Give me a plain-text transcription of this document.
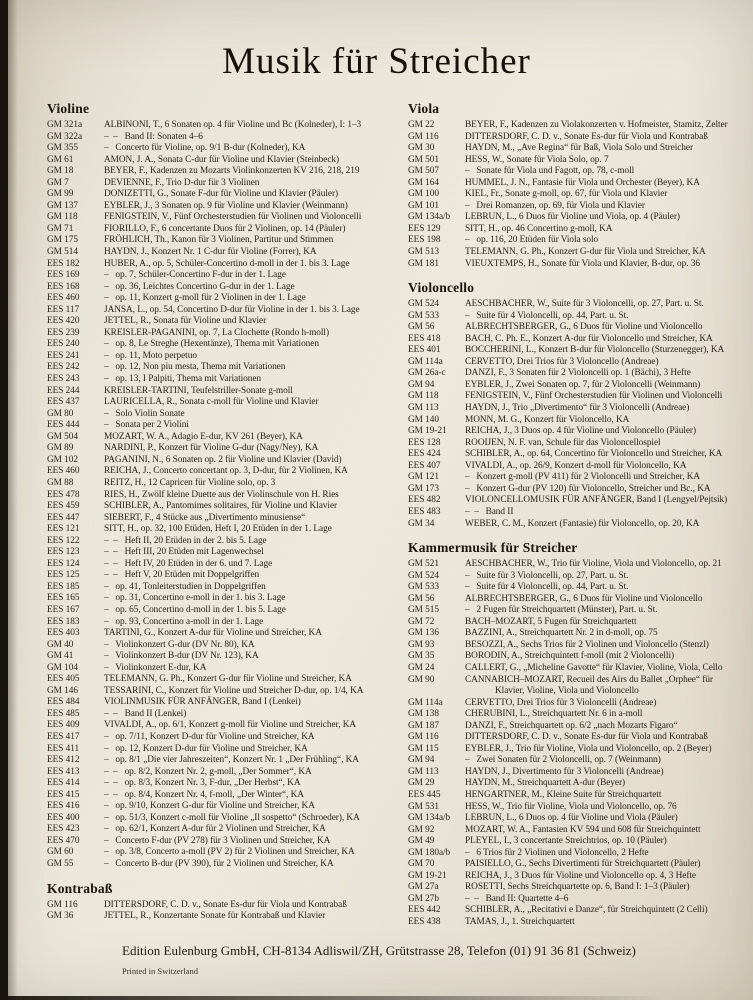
Musik für Streicher
Violine
GM 321a	ALBINONI, T., 6 Sonaten op. 4 für Violine und Bc (Kolneder), I: 1–3
GM 322a	–  –   Band II: Sonaten 4–6
GM 355	–   Concerto für Violine, op. 9/1 B-dur (Kolneder), KA
GM 61	AMON, J. A., Sonata C-dur für Violine und Klavier (Steinbeck)
GM 18	BEYER, F., Kadenzen zu Mozarts Violinkonzerten KV 216, 218, 219
GM 7	DEVIENNE, F., Trio D-dur für 3 Violinen
GM 99	DONIZETTI, G., Sonate F-dur für Violine und Klavier (Päuler)
GM 137	EYBLER, J., 3 Sonaten op. 9 für Violine und Klavier (Weinmann)
GM 118	FENIGSTEIN, V., Fünf Orchesterstudien für Violinen und Violoncelli
GM 71	FIORILLO, F., 6 concertante Duos für 2 Violinen, op. 14 (Päuler)
GM 175	FRÖHLICH, Th., Kanon für 3 Violinen, Partitur und Stimmen
GM 514	HAYDN, J., Konzert Nr. 1 C-dur für Violine (Forrer), KA
EES 182	HUBER, A., op. 5, Schüler-Concertino d-moll in der 1. bis 3. Lage
EES 169	–   op. 7, Schüler-Concertino F-dur in der 1. Lage
EES 168	–   op. 36, Leichtes Concertino G-dur in der 1. Lage
EES 460	–   op. 11, Konzert g-moll für 2 Violinen in der 1. Lage
EES 117	JANSA, L., op. 54, Concertino D-dur für Violine in der 1. bis 3. Lage
EES 420	JETTEL, R., Sonata für Violine und Klavier
EES 239	KREISLER-PAGANINI, op. 7, La Clochette (Rondo h-moll)
EES 240	–   op. 8, Le Streghe (Hexentänze), Thema mit Variationen
EES 241	–   op. 11, Moto perpetuo
EES 242	–   op. 12, Non piu mesta, Thema mit Variationen
EES 243	–   op. 13, I Palpiti, Thema mit Variationen
EES 244	KREISLER-TARTINI, Teufelstriller-Sonate g-moll
EES 437	LAURICELLA, R., Sonata c-moll für Violine und Klavier
GM 80	–   Solo Violin Sonate
EES 444	–   Sonata per 2 Violini
GM 504	MOZART, W. A., Adagio E-dur, KV 261 (Beyer), KA
GM 89	NARDINI, P., Konzert für Violine G-dur (Nagy/Ney), KA
GM 102	PAGANINI, N., 6 Sonaten op. 2 für Violine und Klavier (David)
EES 460	REICHA, J., Concerto concertant op. 3, D-dur, für 2 Violinen, KA
GM 88	REITZ, H., 12 Capricen für Violine solo, op. 3
EES 478	RIES, H., Zwölf kleine Duette aus der Violinschule von H. Ries
EES 459	SCHIBLER, A., Pantomimes solitaires, für Violine und Klavier
EES 447	SIEBERT, F., 4 Stücke aus „Divertimento minusiense“
EES 121	SITT, H., op. 32, 100 Etüden, Heft I, 20 Etüden in der 1. Lage
EES 122	–  –   Heft II, 20 Etüden in der 2. bis 5. Lage
EES 123	–  –   Heft III, 20 Etüden mit Lagenwechsel
EES 124	–  –   Heft IV, 20 Etüden in der 6. und 7. Lage
EES 125	–  –   Heft V, 20 Etüden mit Doppelgriffen
EES 185	–   op. 41, Tonleiterstudien in Doppelgriffen
EES 165	–   op. 31, Concertino e-moll in der 1. bis 3. Lage
EES 167	–   op. 65, Concertino d-moll in der 1. bis 5. Lage
EES 183	–   op. 93, Concertino a-moll in der 1. Lage
EES 403	TARTINI, G., Konzert A-dur für Violine und Streicher, KA
GM 40	–   Violinkonzert G-dur (DV Nr. 80), KA
GM 41	–   Violinkonzert B-dur (DV Nr. 123), KA
GM 104	–   Violinkonzert E-dur, KA
EES 405	TELEMANN, G. Ph., Konzert G-dur für Violine und Streicher, KA
GM 146	TESSARINI, C., Konzert für Violine und Streicher D-dur, op. 1/4, KA
EES 484	VIOLINMUSIK FÜR ANFÄNGER, Band I (Lenkei)
EES 485	–  –   Band II (Lenkei)
EES 409	VIVALDI, A., op. 6/1, Konzert g-moll für Violine und Streicher, KA
EES 417	–   op. 7/11, Konzert D-dur für Violine und Streicher, KA
EES 411	–   op. 12, Konzert D-dur für Violine und Streicher, KA
EES 412	–   op. 8/1 „Die vier Jahreszeiten“, Konzert Nr. 1 „Der Frühling“, KA
EES 413	–  –   op. 8/2, Konzert Nr. 2, g-moll, „Der Sommer“, KA
EES 414	–  –   op. 8/3, Konzert Nr. 3, F-dur, „Der Herbst“, KA
EES 415	–  –   op. 8/4, Konzert Nr. 4, f-moll, „Der Winter“, KA
EES 416	–   op. 9/10, Konzert G-dur für Violine und Streicher, KA
EES 400	–   op. 51/3, Konzert c-moll für Violine „Il sospetto“ (Schroeder), KA
EES 423	–   op. 62/1, Konzert A-dur für 2 Violinen und Streicher, KA
EES 470	–   Concerto F-dur (PV 278) für 3 Violinen und Streicher, KA
GM 60	–   op. 3/8, Concerto a-moll (PV 2) für 2 Violinen und Streicher, KA
GM 55	–   Concerto B-dur (PV 390), für 2 Violinen und Streicher, KA
Kontrabaß
GM 116	DITTERSDORF, C. D. v., Sonate Es-dur für Viola und Kontrabaß
GM 36	JETTEL, R., Konzertante Sonate für Kontrabaß und Klavier
Viola
GM 22	BEYER, F., Kadenzen zu Violakonzerten v. Hofmeister, Stamitz, Zelter
GM 116	DITTERSDORF, C. D. v., Sonate Es-dur für Viola und Kontrabaß
GM 30	HAYDN, M., „Ave Regina“ für Baß, Viola Solo und Streicher
GM 501	HESS, W., Sonate für Viola Solo, op. 7
GM 507	–   Sonate für Viola und Fagott, op. 78, c-moll
GM 164	HUMMEL, J. N., Fantasie für Viola und Orchester (Beyer), KA
GM 100	KIEL, Fr., Sonate g-moll, op. 67, für Viola und Klavier
GM 101	–   Drei Romanzen, op. 69, für Viola und Klavier
GM 134a/b	LEBRUN, L., 6 Duos für Violine und Viola, op. 4 (Päuler)
EES 129	SITT, H., op. 46 Concertino g-moll, KA
EES 198	–   op. 116, 20 Etüden für Viola solo
GM 513	TELEMANN, G. Ph., Konzert G-dur für Viola und Streicher, KA
GM 181	VIEUXTEMPS, H., Sonate für Viola und Klavier, B-dur, op. 36
Violoncello
GM 524	AESCHBACHER, W., Suite für 3 Violoncelli, op. 27, Part. u. St.
GM 533	–   Suite für 4 Violoncelli, op. 44, Part. u. St.
GM 56	ALBRECHTSBERGER, G., 6 Duos für Violine und Violoncello
EES 418	BACH, C. Ph. E., Konzert A-dur für Violoncello und Streicher, KA
EES 401	BOCCHERINI, L., Konzert B-dur für Violoncello (Sturzenegger), KA
GM 114a	CERVETTO, Drei Trios für 3 Violoncello (Andreae)
GM 26a-c	DANZI, F., 3 Sonaten für 2 Violoncelli op. 1 (Bächi), 3 Hefte
GM 94	EYBLER, J., Zwei Sonaten op. 7, für 2 Violoncelli (Weinmann)
GM 118	FENIGSTEIN, V., Fünf Orchesterstudien für Violinen und Violoncelli
GM 113	HAYDN, J., Trio „Divertimento“ für 3 Violoncelli (Andreae)
GM 140	MONN, M. G., Konzert für Violoncello, KA
GM 19-21	REICHA, J., 3 Duos op. 4 für Violine und Violoncello (Päuler)
EES 128	ROOIJEN, N. F. van, Schule für das Violoncellospiel
EES 424	SCHIBLER, A., op. 64, Concertino für Violoncello und Streicher, KA
EES 407	VIVALDI, A., op. 26/9, Konzert d-moll für Violoncello, KA
GM 121	–   Konzert g-moll (PV 411) für 2 Violoncelli und Streicher, KA
GM 173	–   Konzert G-dur (PV 120) für Violoncello, Streicher und Bc., KA
EES 482	VIOLONCELLOMUSIK FÜR ANFÄNGER, Band I (Lengyel/Pejtsik)
EES 483	–  –   Band II
GM 34	WEBER, C. M., Konzert (Fantasie) für Violoncello, op. 20, KA
Kammermusik für Streicher
GM 521	AESCHBACHER, W., Trio für Violine, Viola und Violoncello, op. 21
GM 524	–   Suite für 3 Violoncelli, op. 27, Part. u. St.
GM 533	–   Suite für 4 Violoncelli, op. 44, Part. u. St.
GM 56	ALBRECHTSBERGER, G., 6 Duos für Violine und Violoncello
GM 515	–   2 Fugen für Streichquartett (Münster), Part. u. St.
GM 72	BACH–MOZART, 5 Fugen für Streichquartett
GM 136	BAZZINI, A., Streichquartett Nr. 2 in d-moll, op. 75
GM 93	BESOZZI, A., Sechs Trios für 2 Violinen und Violoncello (Stenzl)
GM 35	BORODIN, A., Streichquintett f-moll (mit 2 Violoncelli)
GM 24	CALLERT, G., „Micheline Gavotte“ für Klavier, Violine, Viola, Cello
GM 90	CANNABICH–MOZART, Recueil des Airs du Ballet „Orphee“ für
Klavier, Violine, Viola und Violoncello
GM 114a	CERVETTO, Drei Trios für 3 Violoncelli (Andreae)
GM 138	CHERUBINI, L., Streichquartett Nr. 6 in a-moll
GM 187	DANZI, F., Streichquartett op. 6/2 „nach Mozarts Figaro“
GM 116	DITTERSDORF, C. D. v., Sonate Es-dur für Viola und Kontrabaß
GM 115	EYBLER, J., Trio für Violine, Viola und Violoncello, op. 2 (Beyer)
GM 94	–   Zwei Sonaten für 2 Violoncelli, op. 7 (Weinmann)
GM 113	HAYDN, J., Divertimento für 3 Violoncelli (Andreae)
GM 29	HAYDN, M., Streichquartett A-dur (Beyer)
EES 445	HENGARTNER, M., Kleine Suite für Streichquartett
GM 531	HESS, W., Trio für Violine, Viola und Violoncello, op. 76
GM 134a/b	LEBRUN, L., 6 Duos op. 4 für Violine und Viola (Päuler)
GM 92	MOZART, W. A., Fantasien KV 594 und 608 für Streichquintett
GM 49	PLEYEL, I., 3 concertante Streichtrios, op. 10 (Päuler)
GM 180a/b	–   6 Trios für 2 Violinen und Violoncello, 2 Hefte
GM 70	PAISIELLO, G., Sechs Divertimenti für Streichquartett (Päuler)
GM 19-21	REICHA, J., 3 Duos für Violine und Violoncello op. 4, 3 Hefte
GM 27a	ROSETTI, Sechs Streichquartette op. 6, Band I: 1–3 (Päuler)
GM 27b	–  –   Band II: Quartette 4–6
EES 442	SCHIBLER, A., „Recitativi e Danze“, für Streichquintett (2 Celli)
EES 438	TAMAS, J., 1. Streichquartett
Edition Eulenburg GmbH, CH-8134 Adliswil/ZH, Grütstrasse 28, Telefon (01) 91 36 81 (Schweiz)
Printed in Switzerland
